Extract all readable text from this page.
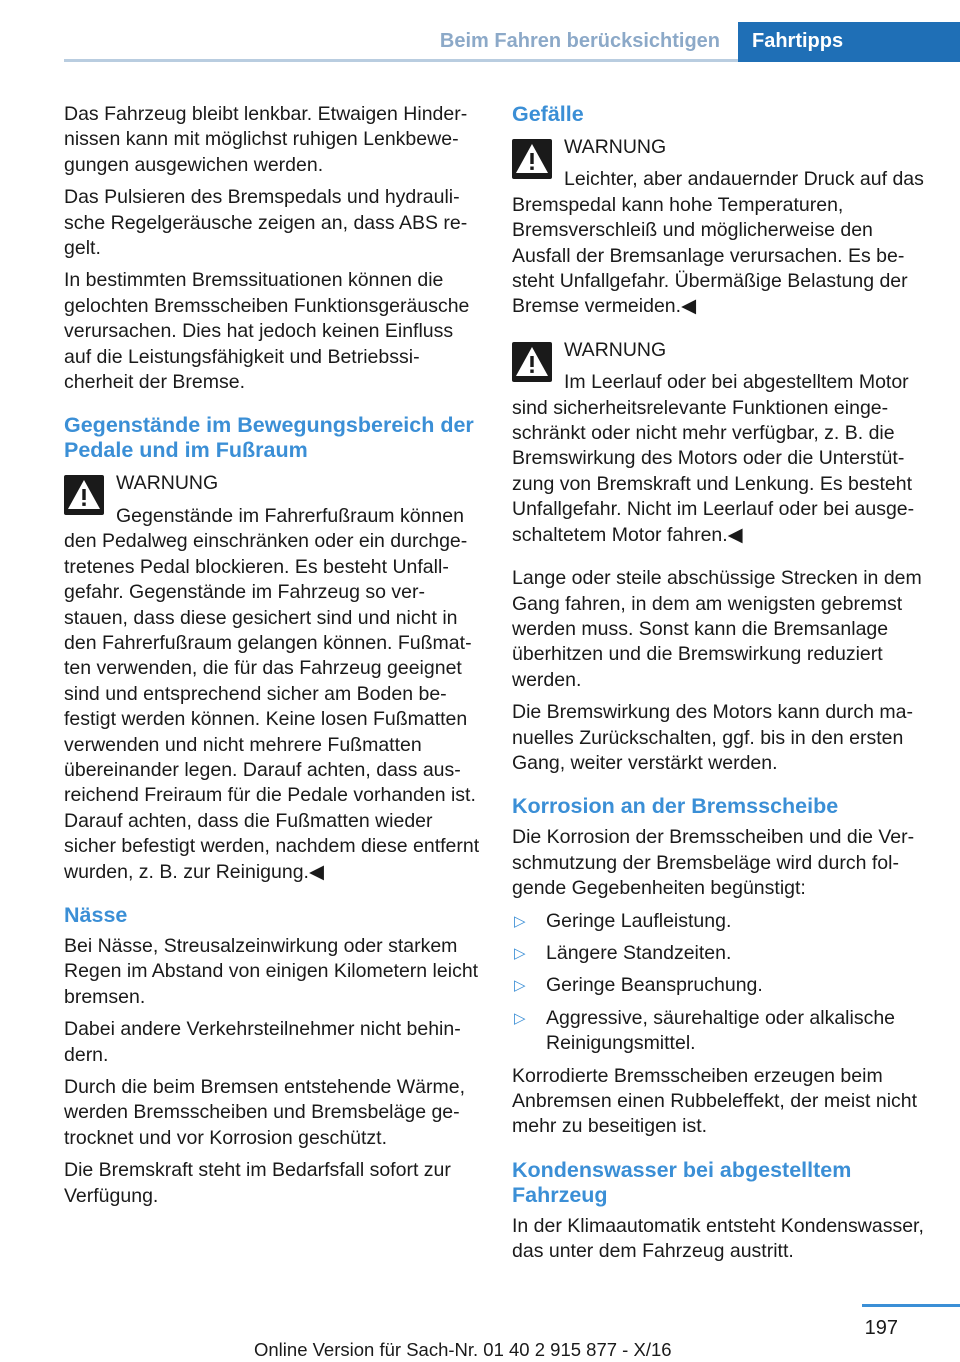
Beim Fahren berücksichtigen	Fahrtipps

Das Fahrzeug bleibt lenkbar. Etwaigen Hindernissen kann mit möglichst ruhigen Lenkbewegungen ausgewichen werden.

Das Pulsieren des Bremspedals und hydraulische Regelgeräusche zeigen an, dass ABS regelt.

In bestimmten Bremssituationen können die gelochten Bremsscheiben Funktionsgeräusche verursachen. Dies hat jedoch keinen Einfluss auf die Leistungsfähigkeit und Betriebssicherheit der Bremse.

Gegenstände im Bewegungsbereich der Pedale und im Fußraum
WARNUNG
Gegenstände im Fahrerfußraum können den Pedalweg einschränken oder ein durchgetretenes Pedal blockieren. Es besteht Unfallgefahr. Gegenstände im Fahrzeug so verstauen, dass diese gesichert sind und nicht in den Fahrerfußraum gelangen können. Fußmatten verwenden, die für das Fahrzeug geeignet sind und entsprechend sicher am Boden befestigt werden können. Keine losen Fußmatten verwenden und nicht mehrere Fußmatten übereinander legen. Darauf achten, dass ausreichend Freiraum für die Pedale vorhanden ist. Darauf achten, dass die Fußmatten wieder sicher befestigt werden, nachdem diese entfernt wurden, z. B. zur Reinigung.◀
Nässe

Bei Nässe, Streusalzeinwirkung oder starkem Regen im Abstand von einigen Kilometern leicht bremsen.

Dabei andere Verkehrsteilnehmer nicht behindern.

Durch die beim Bremsen entstehende Wärme, werden Bremsscheiben und Bremsbeläge getrocknet und vor Korrosion geschützt.

Die Bremskraft steht im Bedarfsfall sofort zur Verfügung.

Gefälle
WARNUNG
Leichter, aber andauernder Druck auf das Bremspedal kann hohe Temperaturen, Bremsverschleiß und möglicherweise den Ausfall der Bremsanlage verursachen. Es besteht Unfallgefahr. Übermäßige Belastung der Bremse vermeiden.◀
WARNUNG
Im Leerlauf oder bei abgestelltem Motor sind sicherheitsrelevante Funktionen eingeschränkt oder nicht mehr verfügbar, z. B. die Bremswirkung des Motors oder die Unterstützung von Bremskraft und Lenkung. Es besteht Unfallgefahr. Nicht im Leerlauf oder bei ausgeschaltetem Motor fahren.◀

Lange oder steile abschüssige Strecken in dem Gang fahren, in dem am wenigsten gebremst werden muss. Sonst kann die Bremsanlage überhitzen und die Bremswirkung reduziert werden.

Die Bremswirkung des Motors kann durch manuelles Zurückschalten, ggf. bis in den ersten Gang, weiter verstärkt werden.

Korrosion an der Bremsscheibe

Die Korrosion der Bremsscheiben und die Verschmutzung der Bremsbeläge wird durch folgende Gegebenheiten begünstigt:

▷ Geringe Laufleistung.
▷ Längere Standzeiten.
▷ Geringe Beanspruchung.
▷ Aggressive, säurehaltige oder alkalische Reinigungsmittel.

Korrodierte Bremsscheiben erzeugen beim Anbremsen einen Rubbeleffekt, der meist nicht mehr zu beseitigen ist.

Kondenswasser bei abgestelltem Fahrzeug

In der Klimaautomatik entsteht Kondenswasser, das unter dem Fahrzeug austritt.

197
Online Version für Sach-Nr. 01 40 2 915 877 - X/16
